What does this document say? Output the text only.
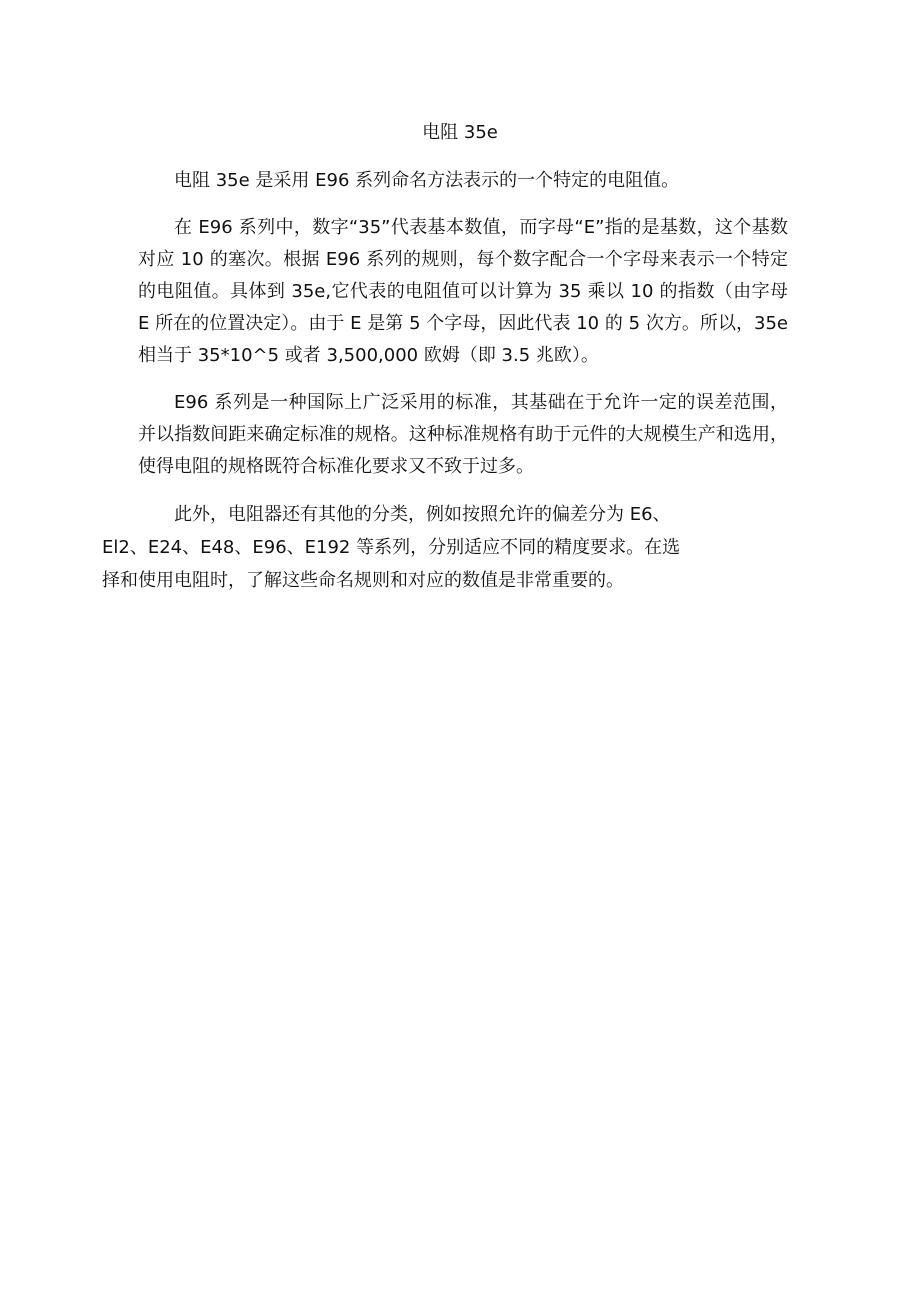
电阻 35e

电阻 35e 是采用 E96 系列命名方法表示的一个特定的电阻值。

在 E96 系列中，数字“35”代表基本数值，而字母“E”指的是基数，这个基数对应 10 的塞次。根据 E96 系列的规则，每个数字配合一个字母来表示一个特定的电阻值。具体到 35e,它代表的电阻值可以计算为 35 乘以 10 的指数（由字母 E 所在的位置决定）。由于 E 是第 5 个字母，因此代表 10 的 5 次方。所以，35e 相当于 35*10^5 或者 3,500,000 欧姆（即 3.5 兆欧）。

E96 系列是一种国际上广泛采用的标准，其基础在于允许一定的误差范围，并以指数间距来确定标准的规格。这种标准规格有助于元件的大规模生产和选用，使得电阻的规格既符合标准化要求又不致于过多。

此外，电阻器还有其他的分类，例如按照允许的偏差分为 E6、
El2、E24、E48、E96、E192 等系列，分别适应不同的精度要求。在选
择和使用电阻时，了解这些命名规则和对应的数值是非常重要的。
